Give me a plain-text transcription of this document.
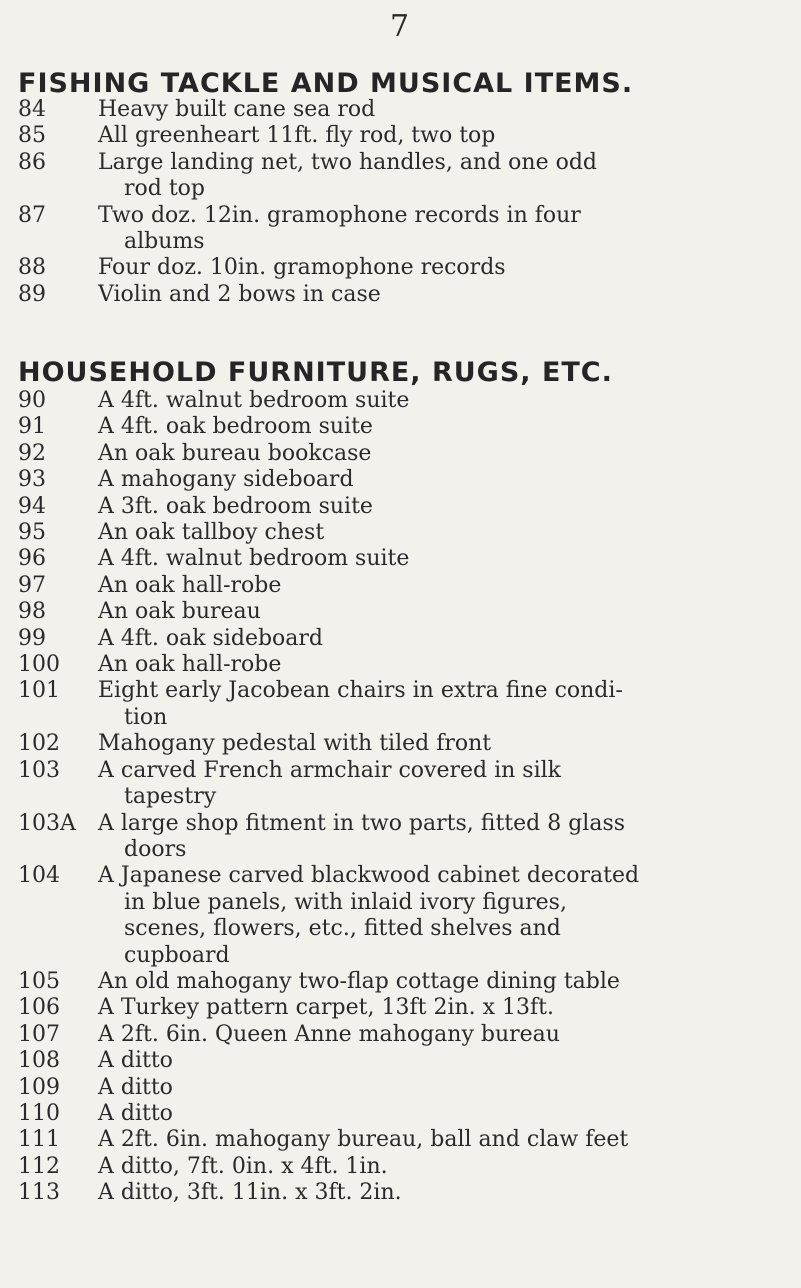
7
FISHING TACKLE AND MUSICAL ITEMS.
84	Heavy built cane sea rod
85	All greenheart 11ft. fly rod, two top
86	Large landing net, two handles, and one odd
rod top
87	Two doz. 12in. gramophone records in four
albums
88	Four doz. 10in. gramophone records
89	Violin and 2 bows in case
HOUSEHOLD FURNITURE, RUGS, ETC.
90	A 4ft. walnut bedroom suite
91	A 4ft. oak bedroom suite
92	An oak bureau bookcase
93	A mahogany sideboard
94	A 3ft. oak bedroom suite
95	An oak tallboy chest
96	A 4ft. walnut bedroom suite
97	An oak hall-robe
98	An oak bureau
99	A 4ft. oak sideboard
100	An oak hall-robe
101	Eight early Jacobean chairs in extra fine condi-
tion
102	Mahogany pedestal with tiled front
103	A carved French armchair covered in silk
tapestry
103A	A large shop fitment in two parts, fitted 8 glass
doors
104	A Japanese carved blackwood cabinet decorated
in blue panels, with inlaid ivory figures,
scenes, flowers, etc., fitted shelves and
cupboard
105	An old mahogany two-flap cottage dining table
106	A Turkey pattern carpet, 13ft 2in. x 13ft.
107	A 2ft. 6in. Queen Anne mahogany bureau
108	A ditto
109	A ditto
110	A ditto
111	A 2ft. 6in. mahogany bureau, ball and claw feet
112	A ditto, 7ft. 0in. x 4ft. 1in.
113	A ditto, 3ft. 11in. x 3ft. 2in.
